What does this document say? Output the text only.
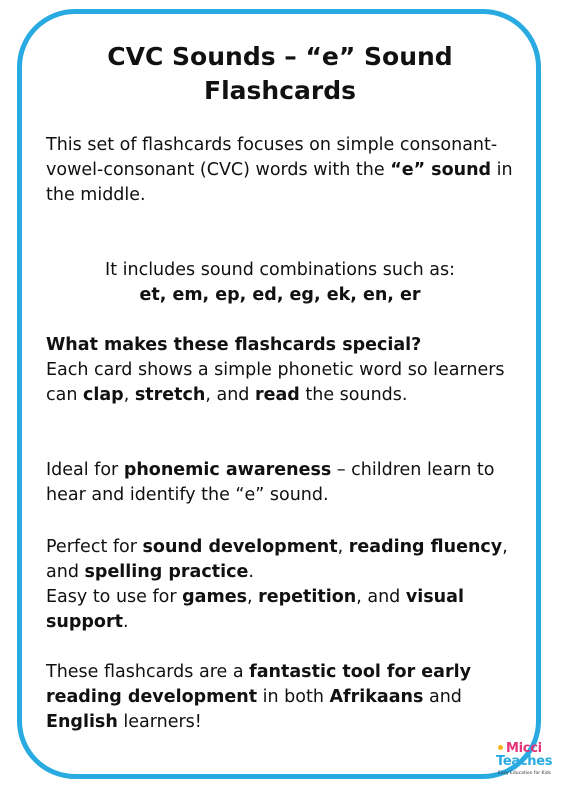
CVC Sounds – “e” Sound
Flashcards

This set of flashcards focuses on simple consonant-vowel-consonant (CVC) words with the “e” sound in the middle.

It includes sound combinations such as:
et, em, ep, ed, eg, ek, en, er

What makes these flashcards special?
Each card shows a simple phonetic word so learners can clap, stretch, and read the sounds.

Ideal for phonemic awareness – children learn to hear and identify the “e” sound.

Perfect for sound development, reading fluency, and spelling practice.
Easy to use for games, repetition, and visual support.

These flashcards are a fantastic tool for early reading development in both Afrikaans and English learners!

Micci
Teaches
Easy Education for Kids
